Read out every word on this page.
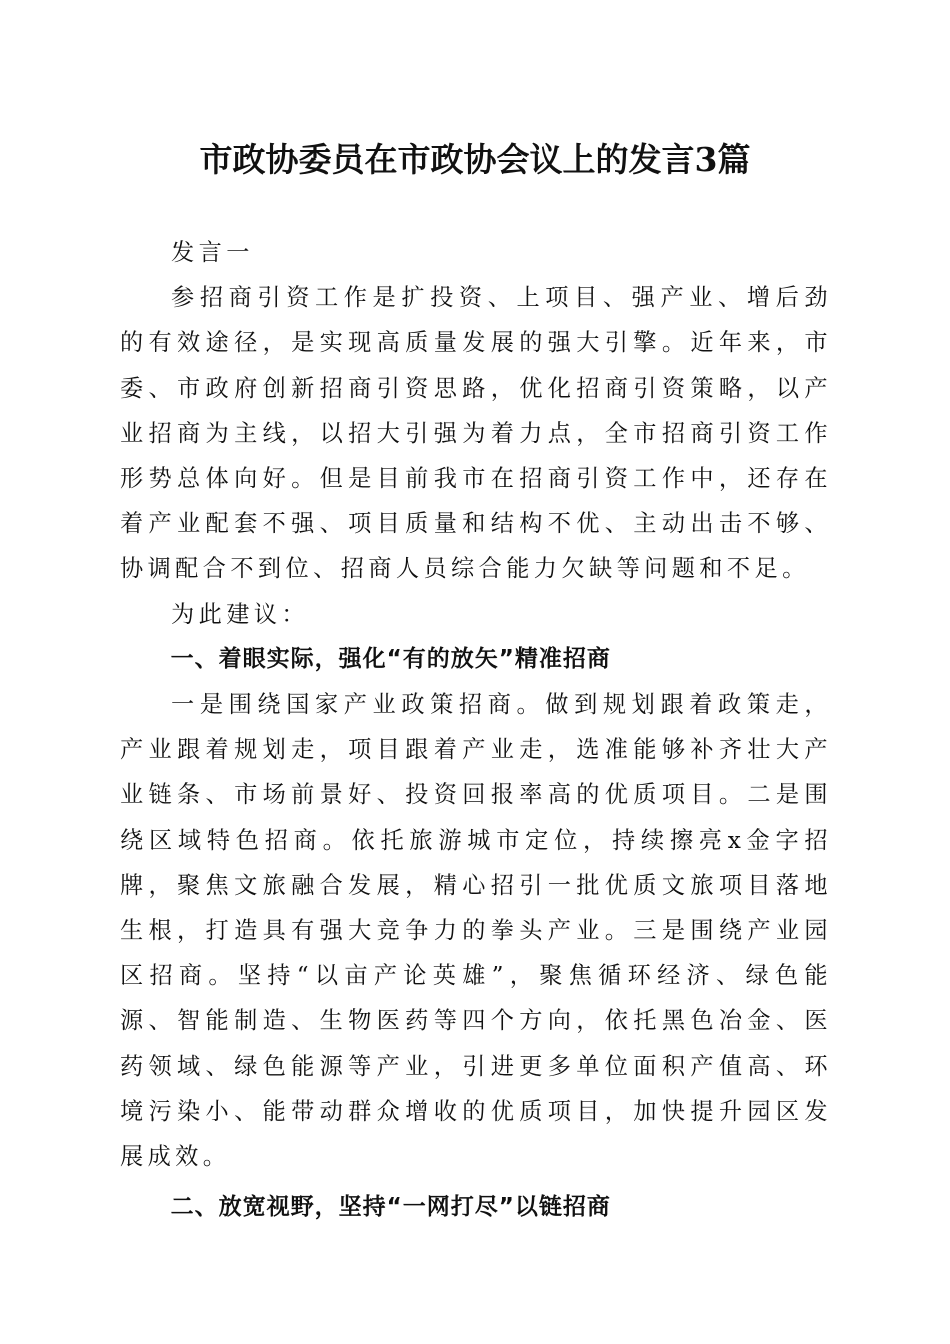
市政协委员在市政协会议上的发言3篇

发言一

参招商引资工作是扩投资、上项目、强产业、增后劲的有效途径，是实现高质量发展的强大引擎。近年来，市委、市政府创新招商引资思路，优化招商引资策略，以产业招商为主线，以招大引强为着力点，全市招商引资工作形势总体向好。但是目前我市在招商引资工作中，还存在着产业配套不强、项目质量和结构不优、主动出击不够、协调配合不到位、招商人员综合能力欠缺等问题和不足。

为此建议：

一、着眼实际，强化“有的放矢”精准招商

一是围绕国家产业政策招商。做到规划跟着政策走，产业跟着规划走，项目跟着产业走，选准能够补齐壮大产业链条、市场前景好、投资回报率高的优质项目。二是围绕区域特色招商。依托旅游城市定位，持续擦亮x金字招牌，聚焦文旅融合发展，精心招引一批优质文旅项目落地生根，打造具有强大竞争力的拳头产业。三是围绕产业园区招商。坚持“以亩产论英雄”，聚焦循环经济、绿色能源、智能制造、生物医药等四个方向，依托黑色冶金、医药领域、绿色能源等产业，引进更多单位面积产值高、环境污染小、能带动群众增收的优质项目，加快提升园区发展成效。

二、放宽视野，坚持“一网打尽”以链招商
